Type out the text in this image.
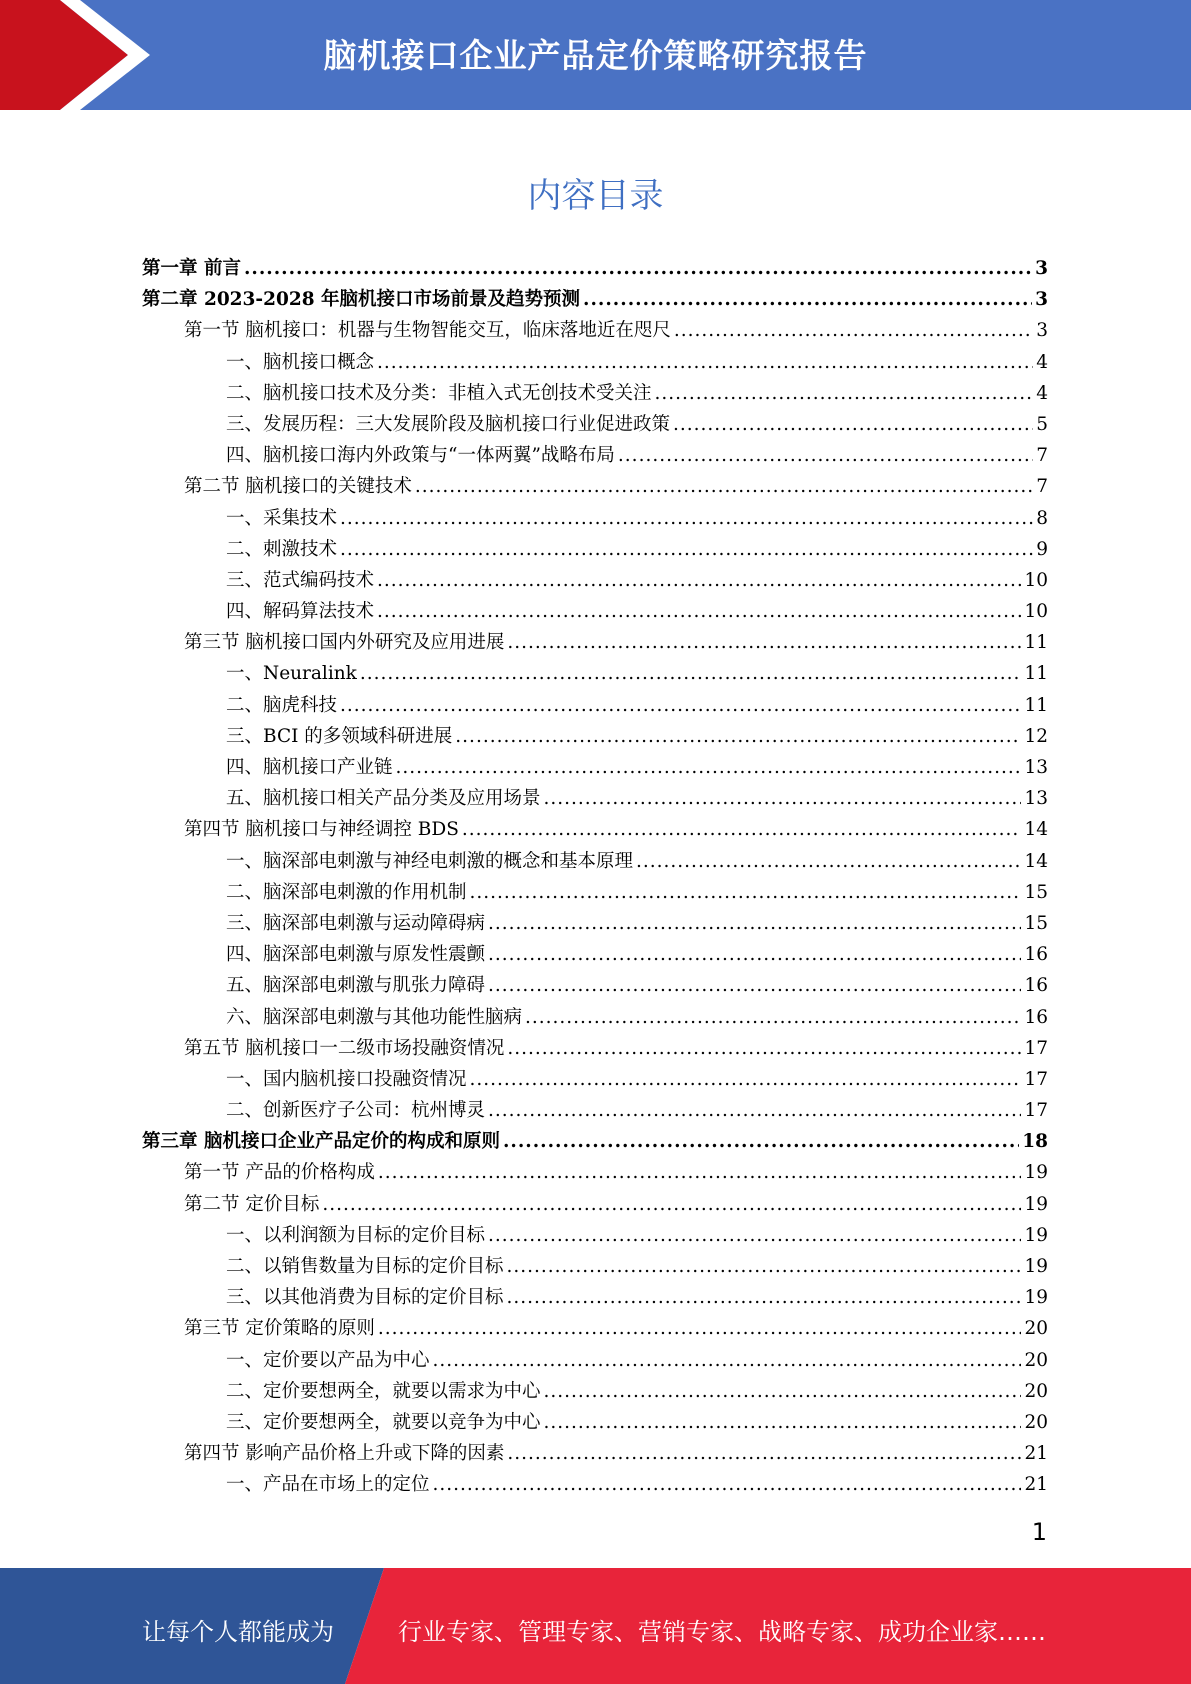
脑机接口企业产品定价策略研究报告
内容目录
第一章 前言 .....	3
第二章 2023-2028 年脑机接口市场前景及趋势预测 .....	3
第一节 脑机接口：机器与生物智能交互，临床落地近在咫尺 .....	3
一、脑机接口概念 .....	4
二、脑机接口技术及分类：非植入式无创技术受关注 .....	4
三、发展历程：三大发展阶段及脑机接口行业促进政策 .....	5
四、脑机接口海内外政策与“一体两翼”战略布局 .....	7
第二节 脑机接口的关键技术 .....	7
一、采集技术 .....	8
二、刺激技术 .....	9
三、范式编码技术 .....	10
四、解码算法技术 .....	10
第三节 脑机接口国内外研究及应用进展 .....	11
一、Neuralink .....	11
二、脑虎科技 .....	11
三、BCI 的多领域科研进展 .....	12
四、脑机接口产业链 .....	13
五、脑机接口相关产品分类及应用场景 .....	13
第四节 脑机接口与神经调控 BDS .....	14
一、脑深部电刺激与神经电刺激的概念和基本原理 .....	14
二、脑深部电刺激的作用机制 .....	15
三、脑深部电刺激与运动障碍病 .....	15
四、脑深部电刺激与原发性震颤 .....	16
五、脑深部电刺激与肌张力障碍 .....	16
六、脑深部电刺激与其他功能性脑病 .....	16
第五节 脑机接口一二级市场投融资情况 .....	17
一、国内脑机接口投融资情况 .....	17
二、创新医疗子公司：杭州博灵 .....	17
第三章 脑机接口企业产品定价的构成和原则 .....	18
第一节 产品的价格构成 .....	19
第二节 定价目标 .....	19
一、以利润额为目标的定价目标 .....	19
二、以销售数量为目标的定价目标 .....	19
三、以其他消费为目标的定价目标 .....	19
第三节 定价策略的原则 .....	20
一、定价要以产品为中心 .....	20
二、定价要想两全，就要以需求为中心 .....	20
三、定价要想两全，就要以竞争为中心 .....	20
第四节 影响产品价格上升或下降的因素 .....	21
一、产品在市场上的定位 .....	21
1
让每个人都能成为	行业专家、管理专家、营销专家、战略专家、成功企业家……
